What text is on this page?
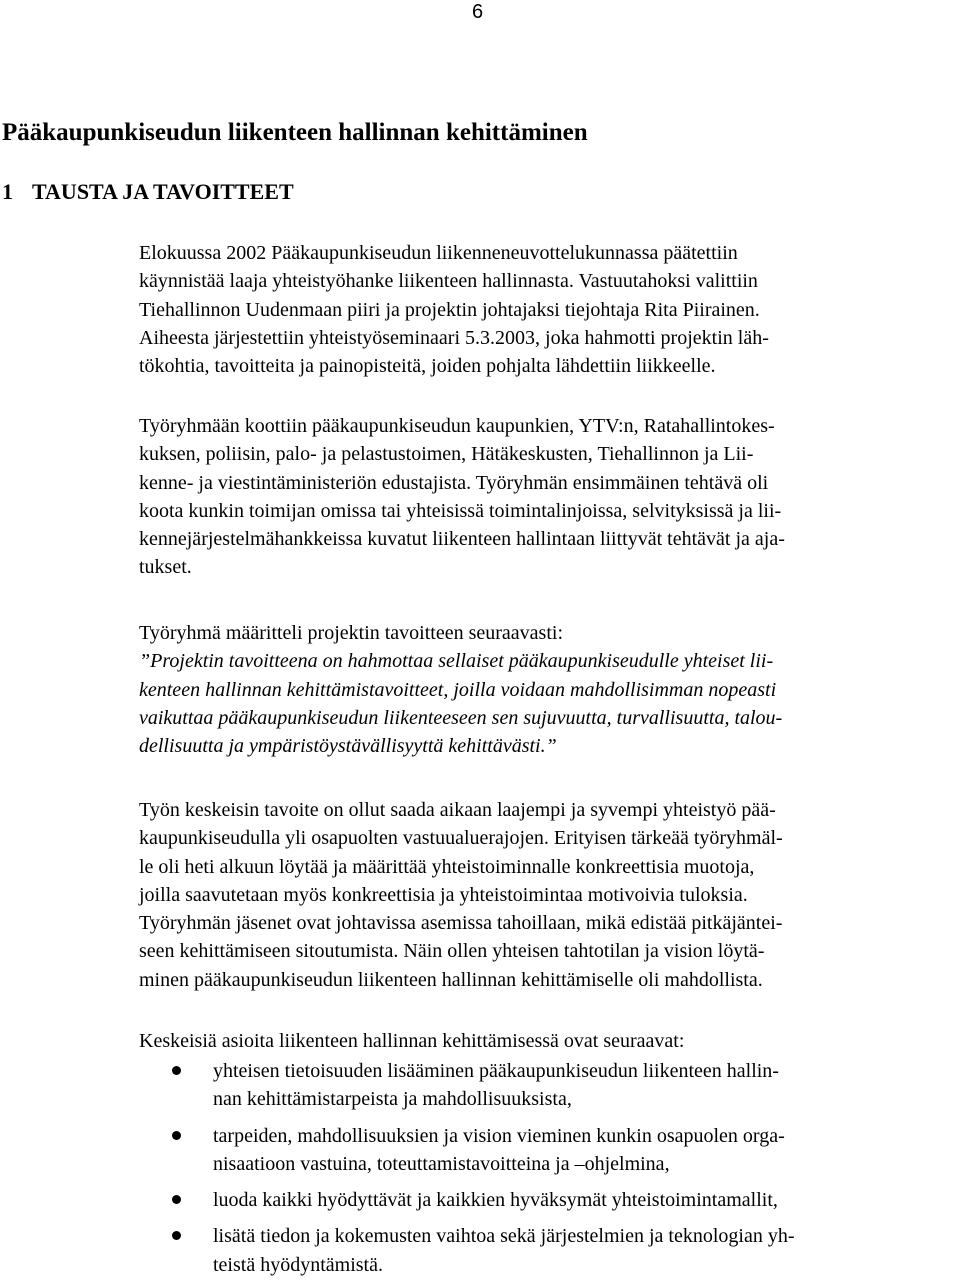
6
Pääkaupunkiseudun liikenteen hallinnan kehittäminen
1 TAUSTA JA TAVOITTEET

Elokuussa 2002 Pääkaupunkiseudun liikenneneuvottelukunnassa päätettiin
käynnistää laaja yhteistyöhanke liikenteen hallinnasta. Vastuutahoksi valittiin
Tiehallinnon Uudenmaan piiri ja projektin johtajaksi tiejohtaja Rita Piirainen.
Aiheesta järjestettiin yhteistyöseminaari 5.3.2003, joka hahmotti projektin läh-
tökohtia, tavoitteita ja painopisteitä, joiden pohjalta lähdettiin liikkeelle.

Työryhmään koottiin pääkaupunkiseudun kaupunkien, YTV:n, Ratahallintokes-
kuksen, poliisin, palo- ja pelastustoimen, Hätäkeskusten, Tiehallinnon ja Lii-
kenne- ja viestintäministeriön edustajista. Työryhmän ensimmäinen tehtävä oli
koota kunkin toimijan omissa tai yhteisissä toimintalinjoissa, selvityksissä ja lii-
kennejärjestelmähankkeissa kuvatut liikenteen hallintaan liittyvät tehtävät ja aja-
tukset.

Työryhmä määritteli projektin tavoitteen seuraavasti:
”Projektin tavoitteena on hahmottaa sellaiset pääkaupunkiseudulle yhteiset lii-
kenteen hallinnan kehittämistavoitteet, joilla voidaan mahdollisimman nopeasti
vaikuttaa pääkaupunkiseudun liikenteeseen sen sujuvuutta, turvallisuutta, talou-
dellisuutta ja ympäristöystävällisyyttä kehittävästi.”

Työn keskeisin tavoite on ollut saada aikaan laajempi ja syvempi yhteistyö pää-
kaupunkiseudulla yli osapuolten vastuualuerajojen. Erityisen tärkeää työryhmäl-
le oli heti alkuun löytää ja määrittää yhteistoiminnalle konkreettisia muotoja,
joilla saavutetaan myös konkreettisia ja yhteistoimintaa motivoivia tuloksia.
Työryhmän jäsenet ovat johtavissa asemissa tahoillaan, mikä edistää pitkäjäntei-
seen kehittämiseen sitoutumista. Näin ollen yhteisen tahtotilan ja vision löytä-
minen pääkaupunkiseudun liikenteen hallinnan kehittämiselle oli mahdollista.

Keskeisiä asioita liikenteen hallinnan kehittämisessä ovat seuraavat:

yhteisen tietoisuuden lisääminen pääkaupunkiseudun liikenteen hallin-
nan kehittämistarpeista ja mahdollisuuksista,
tarpeiden, mahdollisuuksien ja vision vieminen kunkin osapuolen orga-
nisaatioon vastuina, toteuttamistavoitteina ja –ohjelmina,
luoda kaikki hyödyttävät ja kaikkien hyväksymät yhteistoimintamallit,
lisätä tiedon ja kokemusten vaihtoa sekä järjestelmien ja teknologian yh-
teistä hyödyntämistä.
